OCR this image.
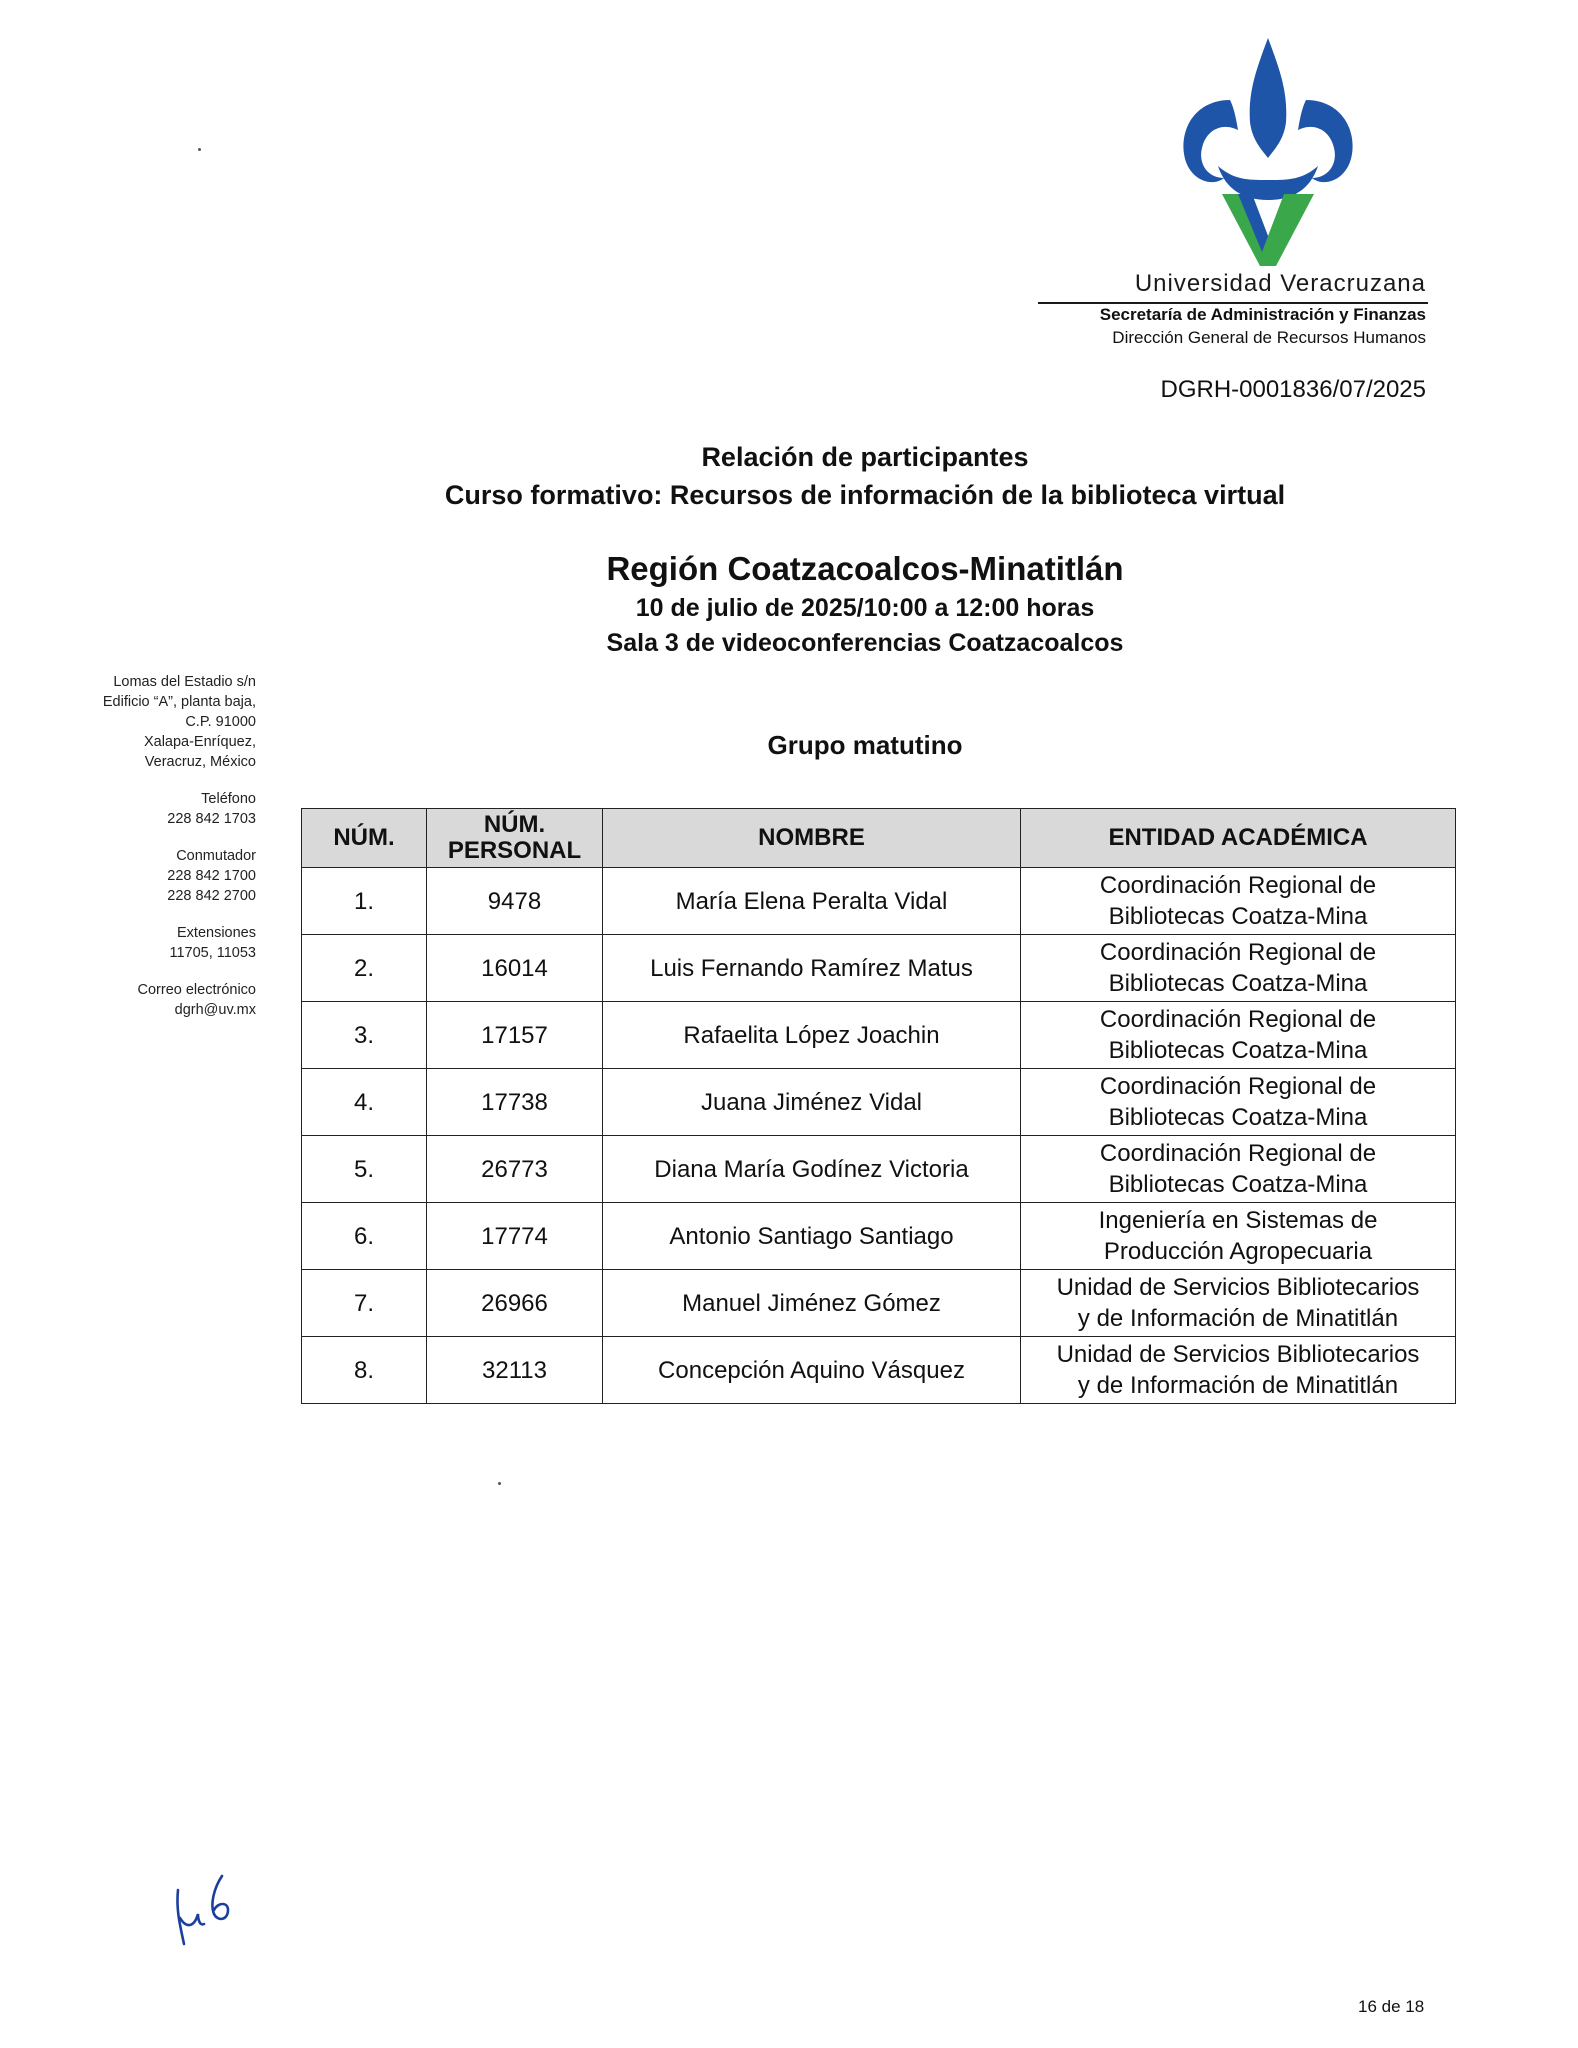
Universidad Veracruzana
Secretaría de Administración y Finanzas
Dirección General de Recursos Humanos
DGRH-0001836/07/2025
Relación de participantes
Curso formativo: Recursos de información de la biblioteca virtual
Región Coatzacoalcos-Minatitlán
10 de julio de 2025/10:00 a 12:00 horas
Sala 3 de videoconferencias Coatzacoalcos
Grupo matutino
Lomas del Estadio s/n
Edificio “A”, planta baja,
C.P. 91000
Xalapa-Enríquez,
Veracruz, México
Teléfono
228 842 1703
Conmutador
228 842 1700
228 842 2700
Extensiones
11705, 11053
Correo electrónico
dgrh@uv.mx
NÚM.	NÚM. PERSONAL	NOMBRE	ENTIDAD ACADÉMICA
1.	9478	María Elena Peralta Vidal	Coordinación Regional de
Bibliotecas Coatza-Mina

2.	16014	Luis Fernando Ramírez Matus	Coordinación Regional de
Bibliotecas Coatza-Mina

3.	17157	Rafaelita López Joachin	Coordinación Regional de
Bibliotecas Coatza-Mina

4.	17738	Juana Jiménez Vidal	Coordinación Regional de
Bibliotecas Coatza-Mina

5.	26773	Diana María Godínez Victoria	Coordinación Regional de
Bibliotecas Coatza-Mina

6.	17774	Antonio Santiago Santiago	Ingeniería en Sistemas de
Producción Agropecuaria

7.	26966	Manuel Jiménez Gómez	Unidad de Servicios Bibliotecarios
y de Información de Minatitlán

8.	32113	Concepción Aquino Vásquez	Unidad de Servicios Bibliotecarios
y de Información de Minatitlán
16 de 18
